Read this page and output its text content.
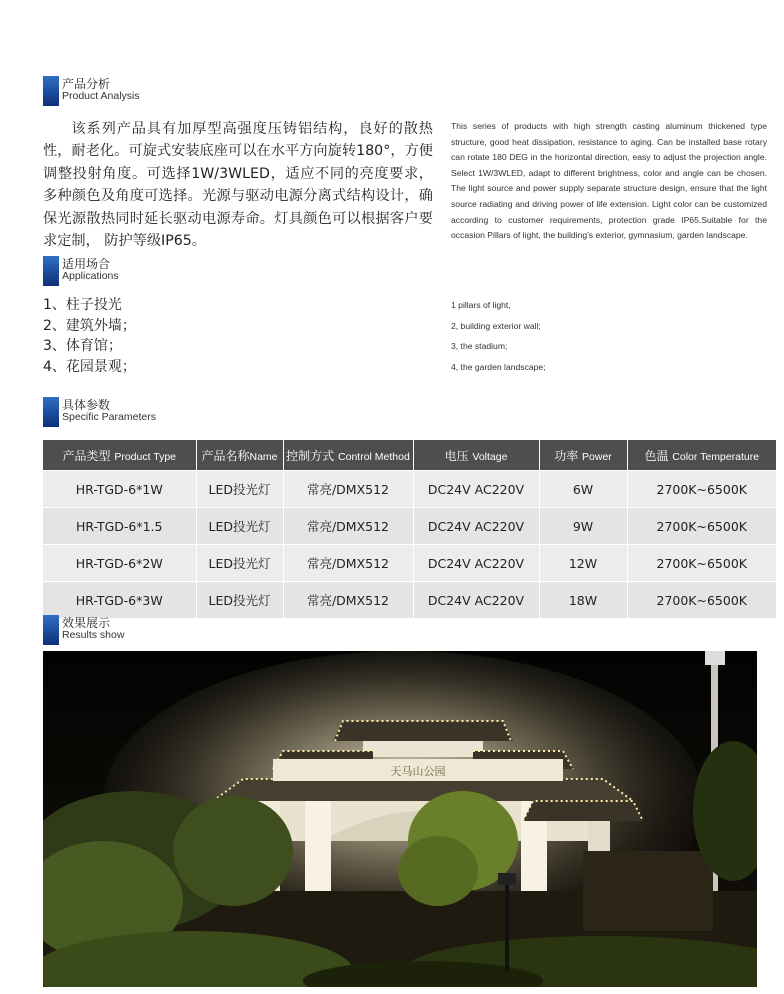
产品分析
Product Analysis
该系列产品具有加厚型高强度压铸铝结构，良好的散热性，耐老化。可旋式安装底座可以在水平方向旋转180°，方便调整投射角度。可选择1W/3WLED，适应不同的亮度要求，多种颜色及角度可选择。光源与驱动电源分离式结构设计，确保光源散热同时延长驱动电源寿命。灯具颜色可以根据客户要求定制， 防护等级IP65。
This series of products with high strength casting aluminum thickened type structure, good heat dissipation, resistance to aging. Can be installed base rotary can rotate 180 DEG in the horizontal direction, easy to adjust the projection angle. Select 1W/3WLED, adapt to different brightness, color and angle can be chosen. The light source and power supply separate structure design, ensure that the light source radiating and driving power of life extension. Light color can be customized according to customer requirements, protection grade IP65.Suitable for the occasion Pillars of light, the building's exterior, gymnasium, garden landscape.
适用场合
Applications
1、柱子投光
2、建筑外墙；
3、体育馆；
4、花园景观；
1 pillars of light,
2, building exterior wall;
3, the stadium;
4, the garden landscape;
具体参数
Specific Parameters
产品类型 Product Type	产品名称Name	控制方式 Control Method	电压 Voltage	功率 Power	色温 Color Temperature
HR-TGD-6*1W	LED投光灯	常亮/DMX512	DC24V AC220V	6W	2700K~6500K
HR-TGD-6*1.5	LED投光灯	常亮/DMX512	DC24V AC220V	9W	2700K~6500K
HR-TGD-6*2W	LED投光灯	常亮/DMX512	DC24V AC220V	12W	2700K~6500K
HR-TGD-6*3W	LED投光灯	常亮/DMX512	DC24V AC220V	18W	2700K~6500K
效果展示
Results show
天马山公园
